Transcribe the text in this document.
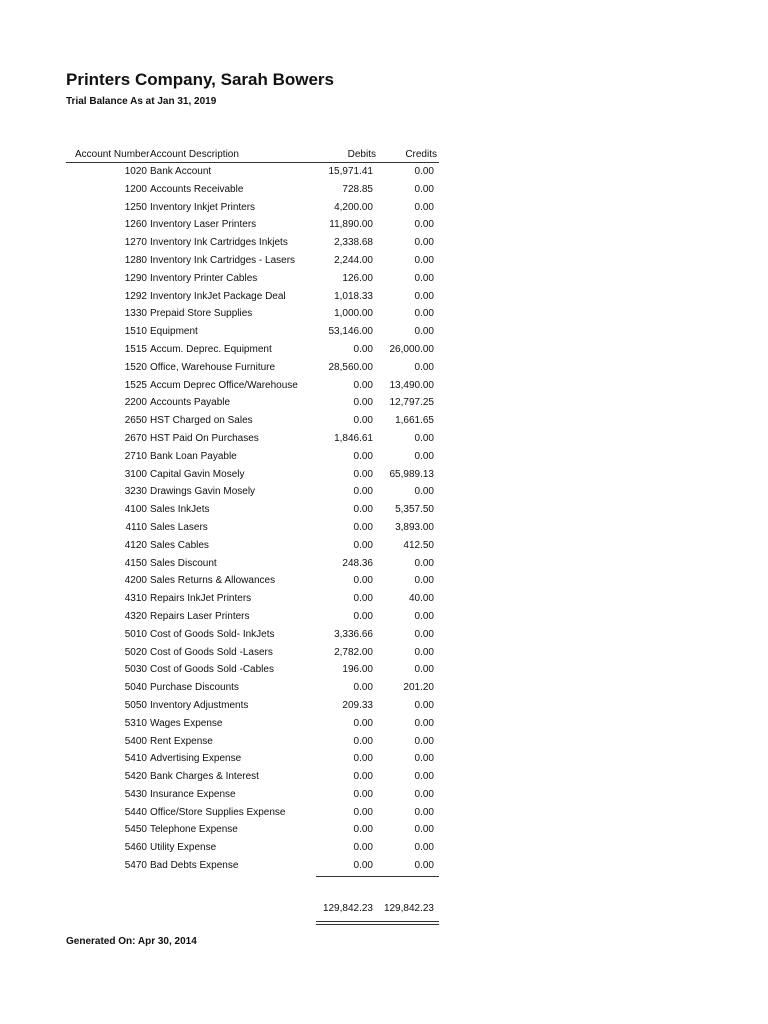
Printers Company, Sarah Bowers
Trial Balance As at Jan 31, 2019
Account Number Account Description	Debits	Credits
1020 Bank Account	15,971.41	0.00
1200 Accounts Receivable	728.85	0.00
1250 Inventory Inkjet Printers	4,200.00	0.00
1260 Inventory Laser Printers	11,890.00	0.00
1270 Inventory Ink Cartridges Inkjets	2,338.68	0.00
1280 Inventory Ink Cartridges - Lasers	2,244.00	0.00
1290 Inventory Printer Cables	126.00	0.00
1292 Inventory InkJet Package Deal	1,018.33	0.00
1330 Prepaid Store Supplies	1,000.00	0.00
1510 Equipment	53,146.00	0.00
1515 Accum. Deprec. Equipment	0.00 26,000.00
1520 Office, Warehouse Furniture	28,560.00	0.00
1525 Accum Deprec Office/Warehouse	0.00 13,490.00
2200 Accounts Payable	0.00 12,797.25
2650 HST Charged on Sales	0.00 1,661.65
2670 HST Paid On Purchases	1,846.61	0.00
2710 Bank Loan Payable	0.00	0.00
3100 Capital Gavin Mosely	0.00 65,989.13
3230 Drawings Gavin Mosely	0.00	0.00
4100 Sales InkJets	0.00 5,357.50
4110 Sales Lasers	0.00 3,893.00
4120 Sales Cables	0.00	412.50
4150 Sales Discount	248.36	0.00
4200 Sales Returns & Allowances	0.00	0.00
4310 Repairs InkJet Printers	0.00	40.00
4320 Repairs Laser Printers	0.00	0.00
5010 Cost of Goods Sold- InkJets	3,336.66	0.00
5020 Cost of Goods Sold -Lasers	2,782.00	0.00
5030 Cost of Goods Sold -Cables	196.00	0.00
5040 Purchase Discounts	0.00	201.20
5050 Inventory Adjustments	209.33	0.00
5310 Wages Expense	0.00	0.00
5400 Rent Expense	0.00	0.00
5410 Advertising Expense	0.00	0.00
5420 Bank Charges & Interest	0.00	0.00
5430 Insurance Expense	0.00	0.00
5440 Office/Store Supplies Expense	0.00	0.00
5450 Telephone Expense	0.00	0.00
5460 Utility Expense	0.00	0.00
5470 Bad Debts Expense	0.00	0.00
129,842.23 129,842.23
Generated On: Apr 30, 2014
